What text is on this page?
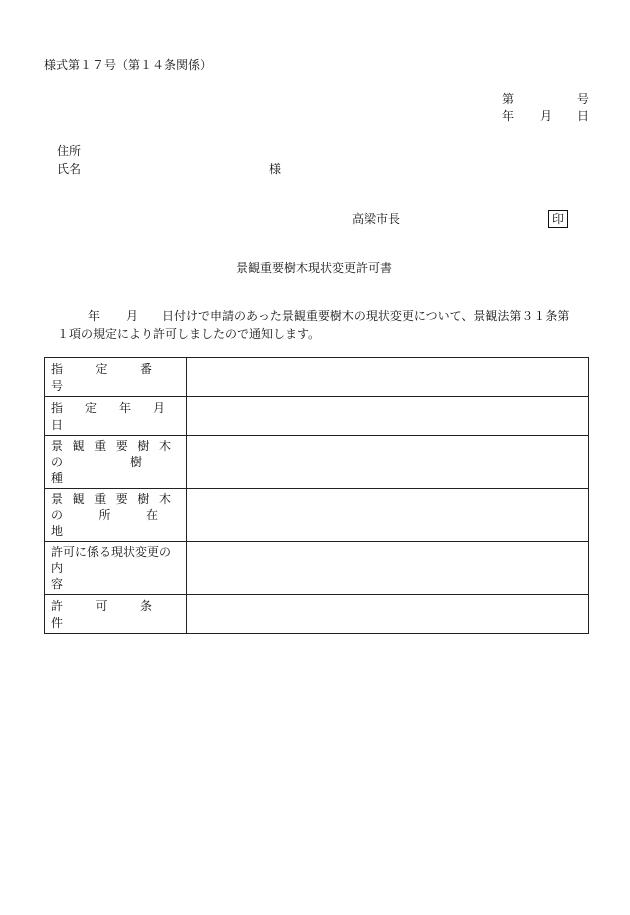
様式第１７号（第１４条関係）
第	号
年 月 日
住所
氏名	様
高梁市長	印
景観重要樹木現状変更許可書
年 月 日付けで申請のあった景観重要樹木の現状変更について、景観法第３１条第１項の規定により許可しましたので通知します。
指定番号	

指定年月日	

景観重要樹木
の樹種	

景観重要樹木
の所在地	

許可に係る現状変更の
内容	

許可条件	
